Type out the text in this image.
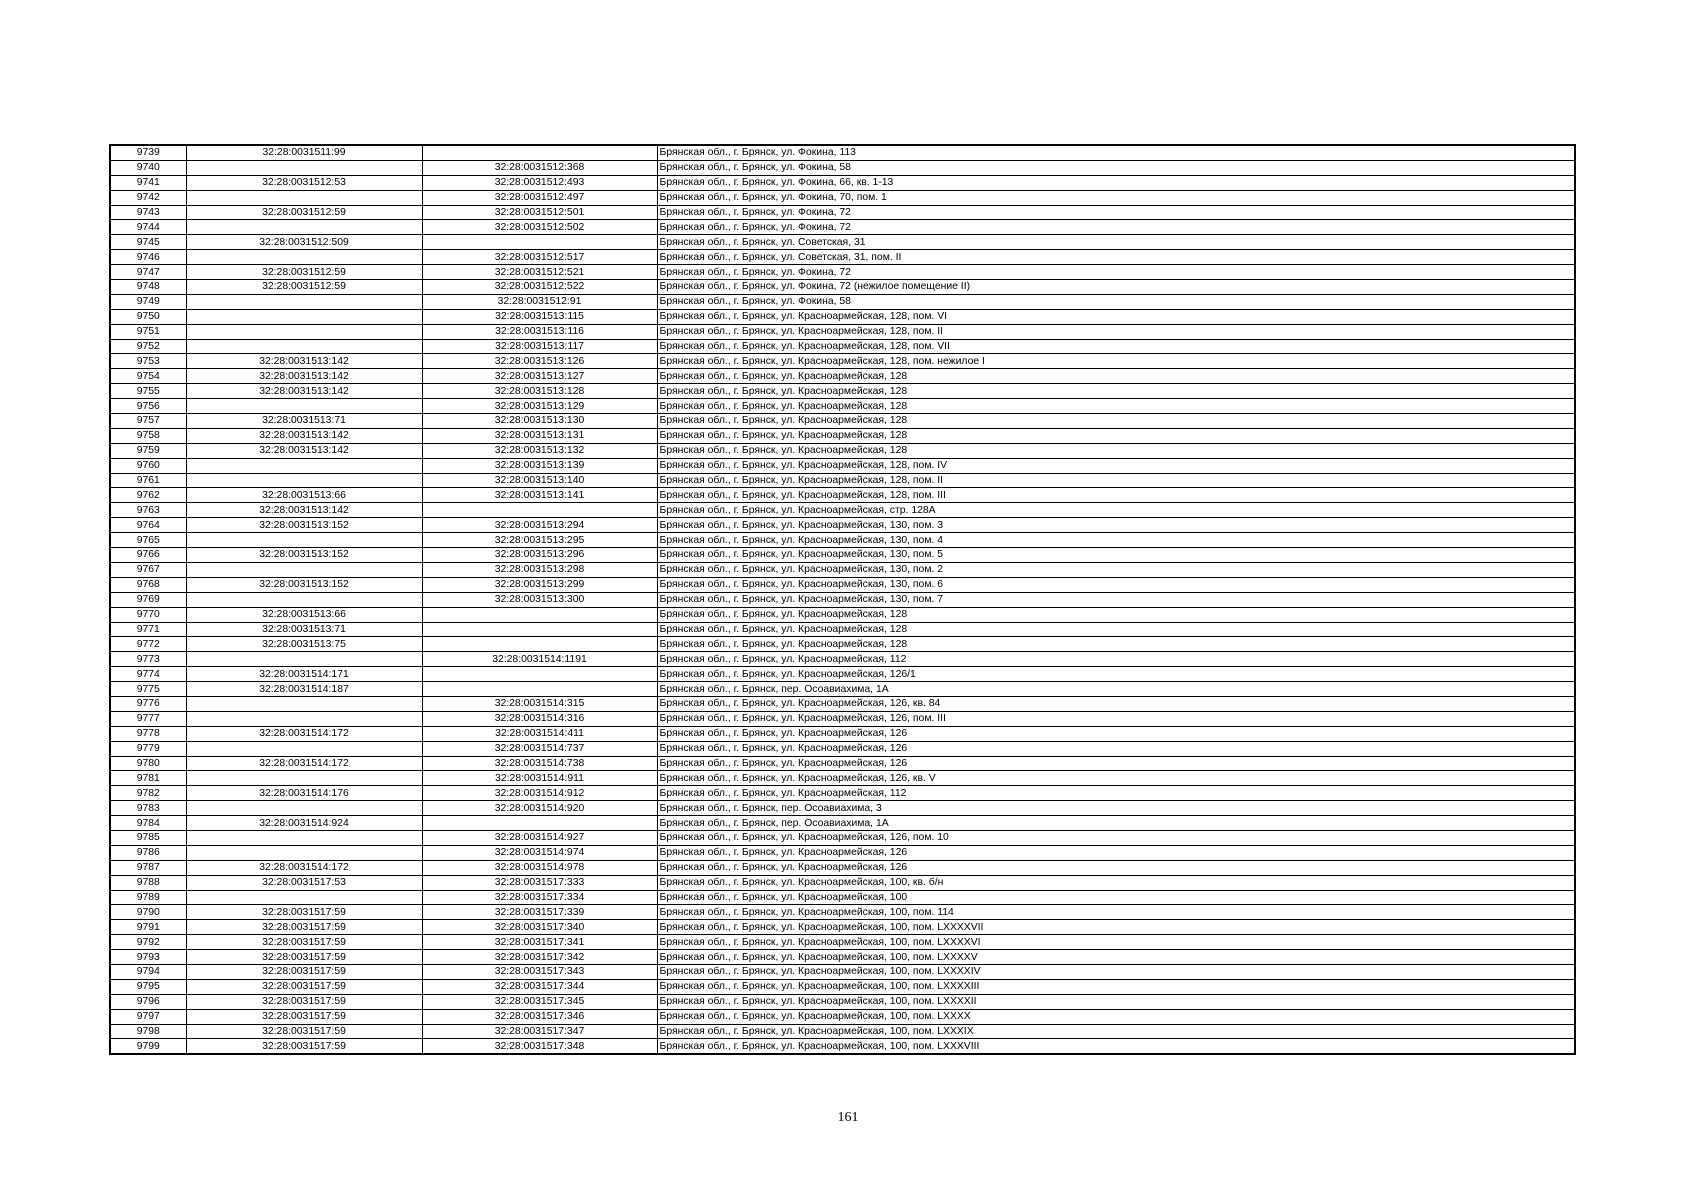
9739	32:28:0031511:99		Брянская обл., г. Брянск, ул. Фокина, 113
9740		32:28:0031512:368	Брянская обл., г. Брянск, ул. Фокина, 58
9741	32:28:0031512:53	32:28:0031512:493	Брянская обл., г. Брянск, ул. Фокина, 66, кв. 1-13
9742		32:28:0031512:497	Брянская обл., г. Брянск, ул. Фокина, 70, пом. 1
9743	32:28:0031512:59	32:28:0031512:501	Брянская обл., г. Брянск, ул. Фокина, 72
9744		32:28:0031512:502	Брянская обл., г. Брянск, ул. Фокина, 72
9745	32:28:0031512:509		Брянская обл., г. Брянск, ул. Советская, 31
9746		32:28:0031512:517	Брянская обл., г. Брянск, ул. Советская, 31, пом. II
9747	32:28:0031512:59	32:28:0031512:521	Брянская обл., г. Брянск, ул. Фокина, 72
9748	32:28:0031512:59	32:28:0031512:522	Брянская обл., г. Брянск, ул. Фокина, 72 (нежилое помещение II)
9749		32:28:0031512:91	Брянская обл., г. Брянск, ул. Фокина, 58
9750		32:28:0031513:115	Брянская обл., г. Брянск, ул. Красноармейская, 128, пом. VI
9751		32:28:0031513:116	Брянская обл., г. Брянск, ул. Красноармейская, 128, пом. II
9752		32:28:0031513:117	Брянская обл., г. Брянск, ул. Красноармейская, 128, пом. VII
9753	32:28:0031513:142	32:28:0031513:126	Брянская обл., г. Брянск, ул. Красноармейская, 128, пом. нежилое I
9754	32:28:0031513:142	32:28:0031513:127	Брянская обл., г. Брянск, ул. Красноармейская, 128
9755	32:28:0031513:142	32:28:0031513:128	Брянская обл., г. Брянск, ул. Красноармейская, 128
9756		32:28:0031513:129	Брянская обл., г. Брянск, ул. Красноармейская, 128
9757	32:28:0031513:71	32:28:0031513:130	Брянская обл., г. Брянск, ул. Красноармейская, 128
9758	32:28:0031513:142	32:28:0031513:131	Брянская обл., г. Брянск, ул. Красноармейская, 128
9759	32:28:0031513:142	32:28:0031513:132	Брянская обл., г. Брянск, ул. Красноармейская, 128
9760		32:28:0031513:139	Брянская обл., г. Брянск, ул. Красноармейская, 128, пом. IV
9761		32:28:0031513:140	Брянская обл., г. Брянск, ул. Красноармейская, 128, пом. II
9762	32:28:0031513:66	32:28:0031513:141	Брянская обл., г. Брянск, ул. Красноармейская, 128, пом. III
9763	32:28:0031513:142		Брянская обл., г. Брянск, ул. Красноармейская, стр. 128А
9764	32:28:0031513:152	32:28:0031513:294	Брянская обл., г. Брянск, ул. Красноармейская, 130, пом. 3
9765		32:28:0031513:295	Брянская обл., г. Брянск, ул. Красноармейская, 130, пом. 4
9766	32:28:0031513:152	32:28:0031513:296	Брянская обл., г. Брянск, ул. Красноармейская, 130, пом. 5
9767		32:28:0031513:298	Брянская обл., г. Брянск, ул. Красноармейская, 130, пом. 2
9768	32:28:0031513:152	32:28:0031513:299	Брянская обл., г. Брянск, ул. Красноармейская, 130, пом. 6
9769		32:28:0031513:300	Брянская обл., г. Брянск, ул. Красноармейская, 130, пом. 7
9770	32:28:0031513:66		Брянская обл., г. Брянск, ул. Красноармейская, 128
9771	32:28:0031513:71		Брянская обл., г. Брянск, ул. Красноармейская, 128
9772	32:28:0031513:75		Брянская обл., г. Брянск, ул. Красноармейская, 128
9773		32:28:0031514:1191	Брянская обл., г. Брянск, ул. Красноармейская, 112
9774	32:28:0031514:171		Брянская обл., г. Брянск, ул. Красноармейская, 126/1
9775	32:28:0031514:187		Брянская обл., г. Брянск, пер. Осоавиахима, 1А
9776		32:28:0031514:315	Брянская обл., г. Брянск, ул. Красноармейская, 126, кв. 84
9777		32:28:0031514:316	Брянская обл., г. Брянск, ул. Красноармейская, 126, пом. III
9778	32:28:0031514:172	32:28:0031514:411	Брянская обл., г. Брянск, ул. Красноармейская, 126
9779		32:28:0031514:737	Брянская обл., г. Брянск, ул. Красноармейская, 126
9780	32:28:0031514:172	32:28:0031514:738	Брянская обл., г. Брянск, ул. Красноармейская, 126
9781		32:28:0031514:911	Брянская обл., г. Брянск, ул. Красноармейская, 126, кв. V
9782	32:28:0031514:176	32:28:0031514:912	Брянская обл., г. Брянск, ул. Красноармейская, 112
9783		32:28:0031514:920	Брянская обл., г. Брянск, пер. Осоавиахима, 3
9784	32:28:0031514:924		Брянская обл., г. Брянск, пер. Осоавиахима, 1А
9785		32:28:0031514:927	Брянская обл., г. Брянск, ул. Красноармейская, 126, пом. 10
9786		32:28:0031514:974	Брянская обл., г. Брянск, ул. Красноармейская, 126
9787	32:28:0031514:172	32:28:0031514:978	Брянская обл., г. Брянск, ул. Красноармейская, 126
9788	32:28:0031517:53	32:28:0031517:333	Брянская обл., г. Брянск, ул. Красноармейская, 100, кв. б/н
9789		32:28:0031517:334	Брянская обл., г. Брянск, ул. Красноармейская, 100
9790	32:28:0031517:59	32:28:0031517:339	Брянская обл., г. Брянск, ул. Красноармейская, 100, пом. 114
9791	32:28:0031517:59	32:28:0031517:340	Брянская обл., г. Брянск, ул. Красноармейская, 100, пом. LXXXXVII
9792	32:28:0031517:59	32:28:0031517:341	Брянская обл., г. Брянск, ул. Красноармейская, 100, пом. LXXXXVI
9793	32:28:0031517:59	32:28:0031517:342	Брянская обл., г. Брянск, ул. Красноармейская, 100, пом. LXXXXV
9794	32:28:0031517:59	32:28:0031517:343	Брянская обл., г. Брянск, ул. Красноармейская, 100, пом. LXXXXIV
9795	32:28:0031517:59	32:28:0031517:344	Брянская обл., г. Брянск, ул. Красноармейская, 100, пом. LXXXXIII
9796	32:28:0031517:59	32:28:0031517:345	Брянская обл., г. Брянск, ул. Красноармейская, 100, пом. LXXXXII
9797	32:28:0031517:59	32:28:0031517:346	Брянская обл., г. Брянск, ул. Красноармейская, 100, пом. LXXXX
9798	32:28:0031517:59	32:28:0031517:347	Брянская обл., г. Брянск, ул. Красноармейская, 100, пом. LXXXIX
9799	32:28:0031517:59	32:28:0031517:348	Брянская обл., г. Брянск, ул. Красноармейская, 100, пом. LXXXVIII
161
